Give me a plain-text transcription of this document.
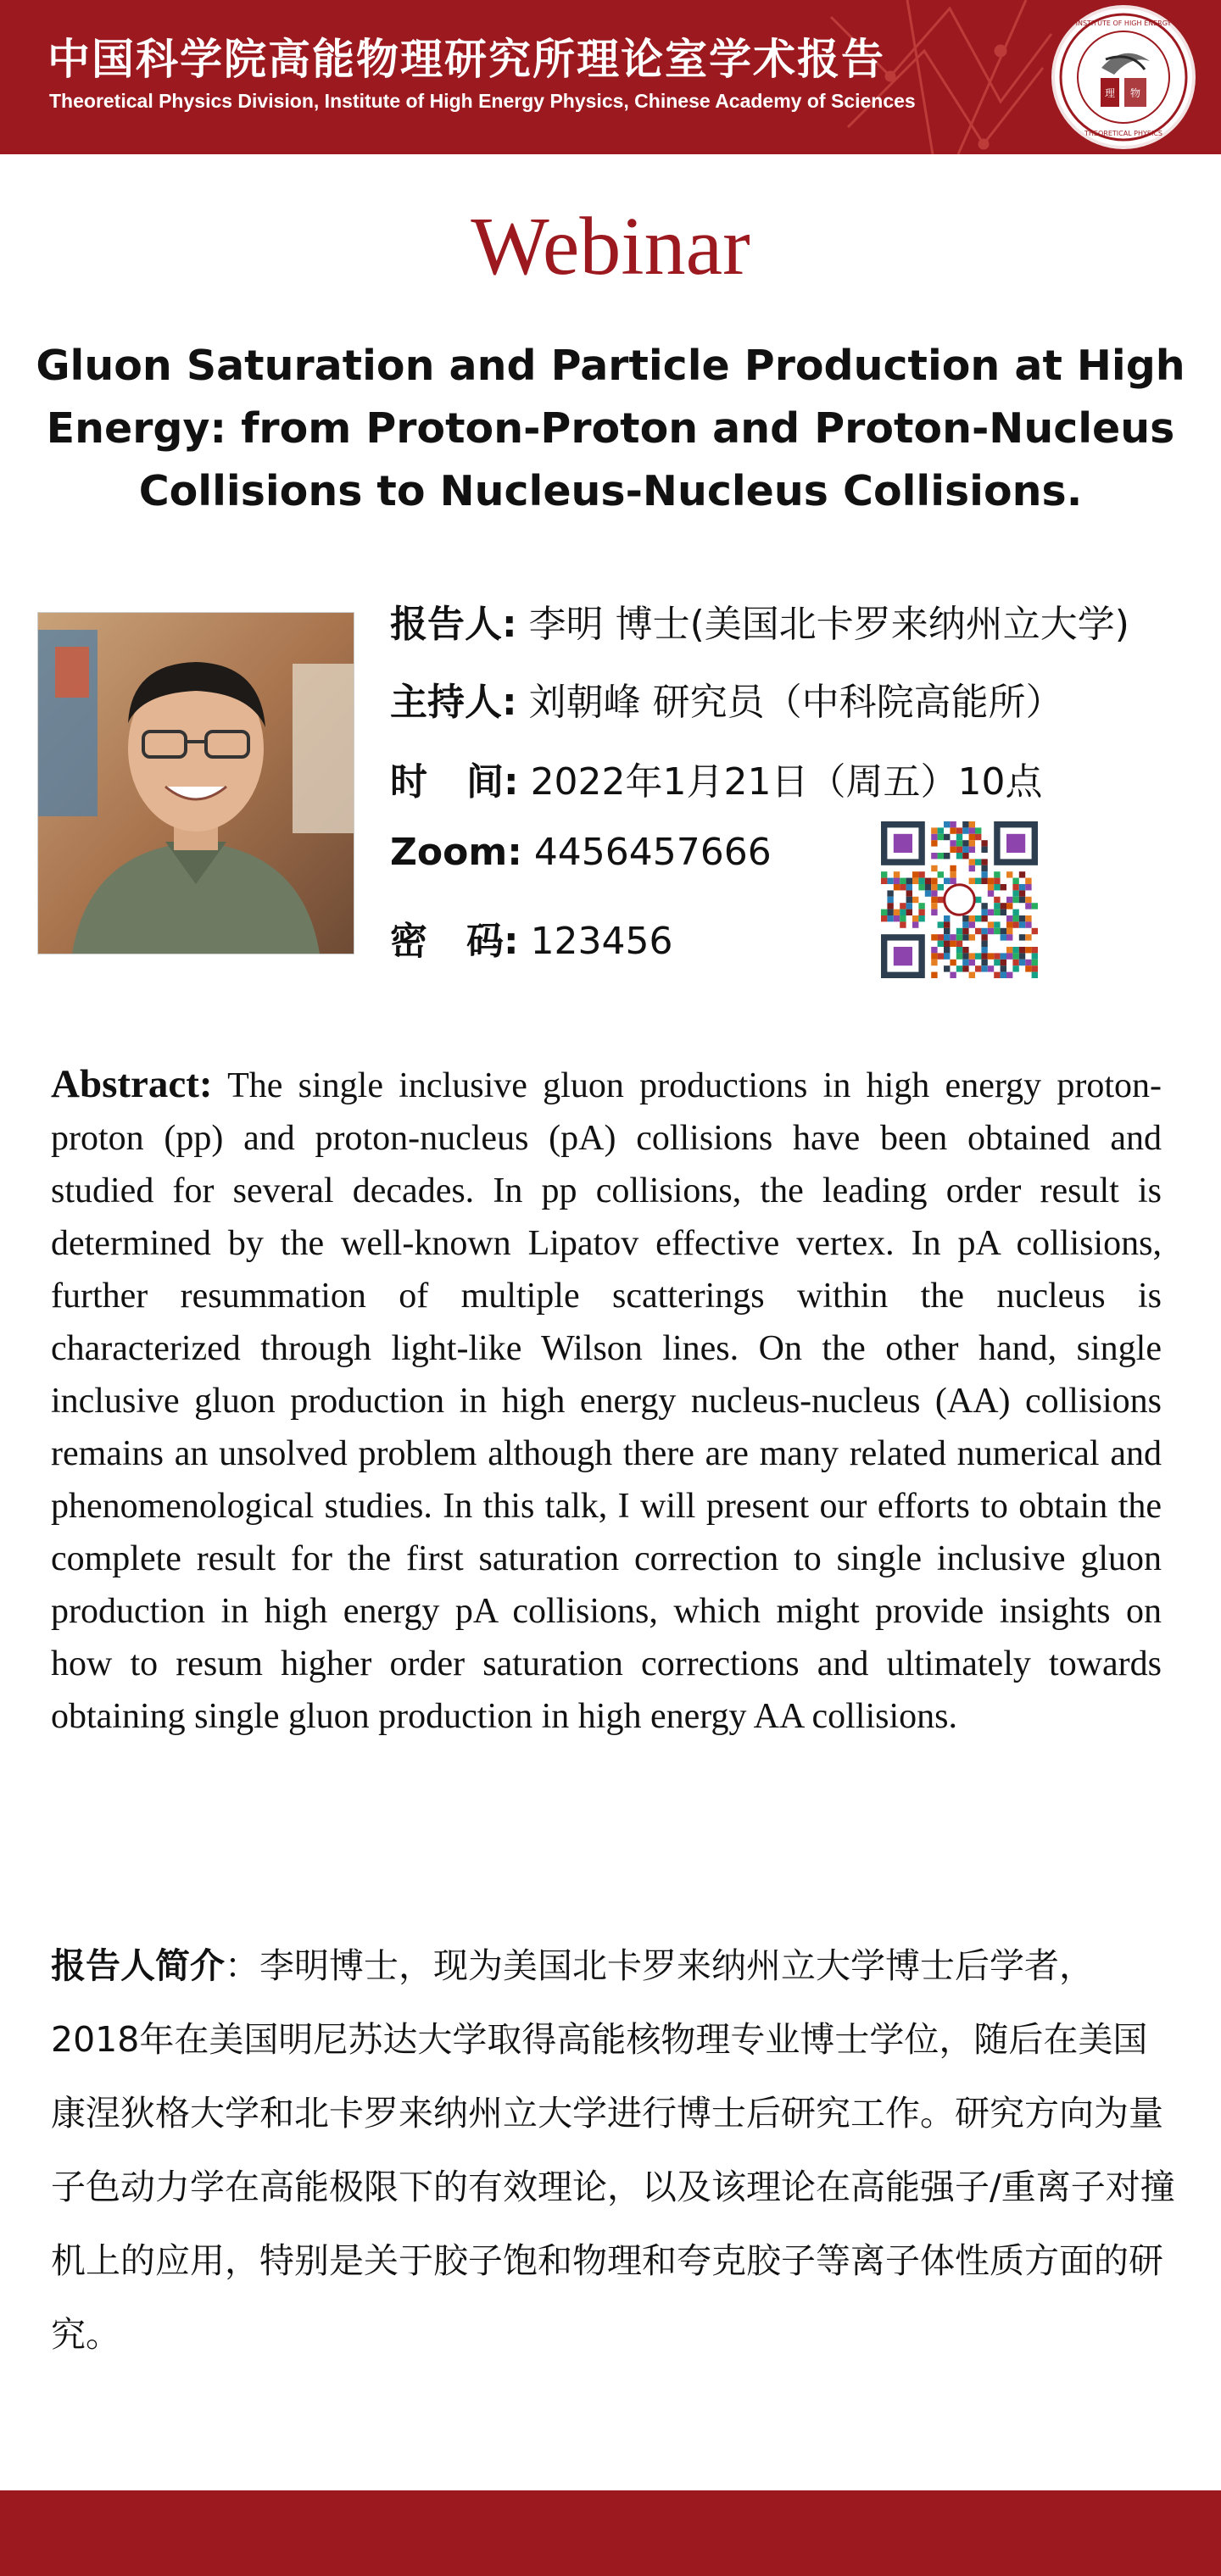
中国科学院高能物理研究所理论室学术报告
Theoretical Physics Division, Institute of High Energy Physics, Chinese Academy of Sciences	理 物
INSTITUTE OF HIGH ENERGY
THEORETICAL PHYSICS
Webinar
Gluon Saturation and Particle Production at High Energy: from Proton-Proton and Proton-Nucleus Collisions to Nucleus-Nucleus Collisions.
报告人: 李明 博士(美国北卡罗来纳州立大学)
主持人: 刘朝峰 研究员（中科院高能所）
时   间: 2022年1月21日（周五）10点
Zoom: 4456457666
密   码: 123456
Abstract: The single inclusive gluon productions in high energy proton-proton (pp) and proton-nucleus (pA) collisions have been obtained and studied for several decades. In pp collisions, the leading order result is determined by the well-known Lipatov effective vertex. In pA collisions, further resummation of multiple scatterings within the nucleus is characterized through light-like Wilson lines. On the other hand, single inclusive gluon production in high energy nucleus-nucleus (AA) collisions remains an unsolved problem although there are many related numerical and phenomenological studies. In this talk, I will present our efforts to obtain the complete result for the first saturation correction to single inclusive gluon production in high energy pA collisions, which might provide insights on how to resum higher order saturation corrections and ultimately towards obtaining single gluon production in high energy AA collisions.
报告人简介：李明博士，现为美国北卡罗来纳州立大学博士后学者，2018年在美国明尼苏达大学取得高能核物理专业博士学位，随后在美国康涅狄格大学和北卡罗来纳州立大学进行博士后研究工作。研究方向为量子色动力学在高能极限下的有效理论，以及该理论在高能强子/重离子对撞机上的应用，特别是关于胶子饱和物理和夸克胶子等离子体性质方面的研究。
